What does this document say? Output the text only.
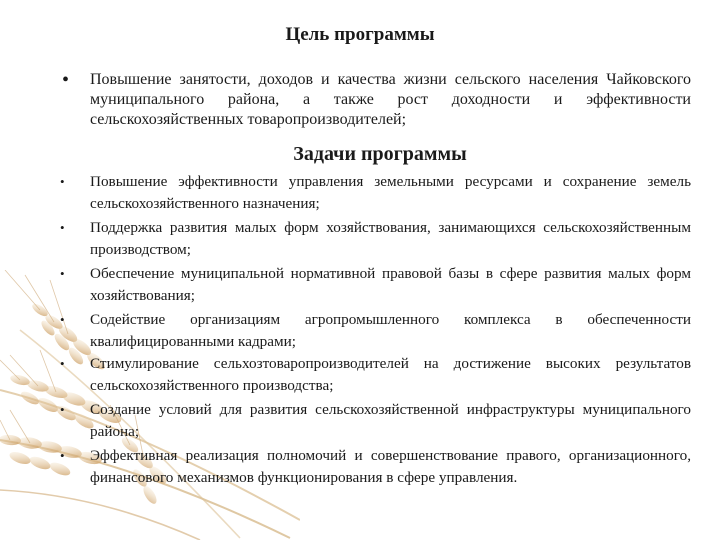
Цель программы
• Повышение занятости, доходов и качества жизни сельского населения Чайковского муниципального района, а также рост доходности и эффективности сельскохозяйственных товаропроизводителей;
Задачи программы
• Повышение эффективности управления земельными ресурсами и сохранение земель сельскохозяйственного назначения;
• Поддержка развития малых форм хозяйствования, занимающихся сельскохозяйственным производством;
• Обеспечение муниципальной нормативной правовой базы в сфере развития малых форм хозяйствования;
• Содействие организациям агропромышленного комплекса в обеспеченности квалифицированными кадрами;
• Стимулирование сельхозтоваропроизводителей на достижение высоких результатов сельскохозяйственного производства;
• Создание условий для развития сельскохозяйственной инфраструктуры муниципального района;
• Эффективная реализация полномочий и совершенствование правого, организационного, финансового механизмов функционирования в сфере управления.
